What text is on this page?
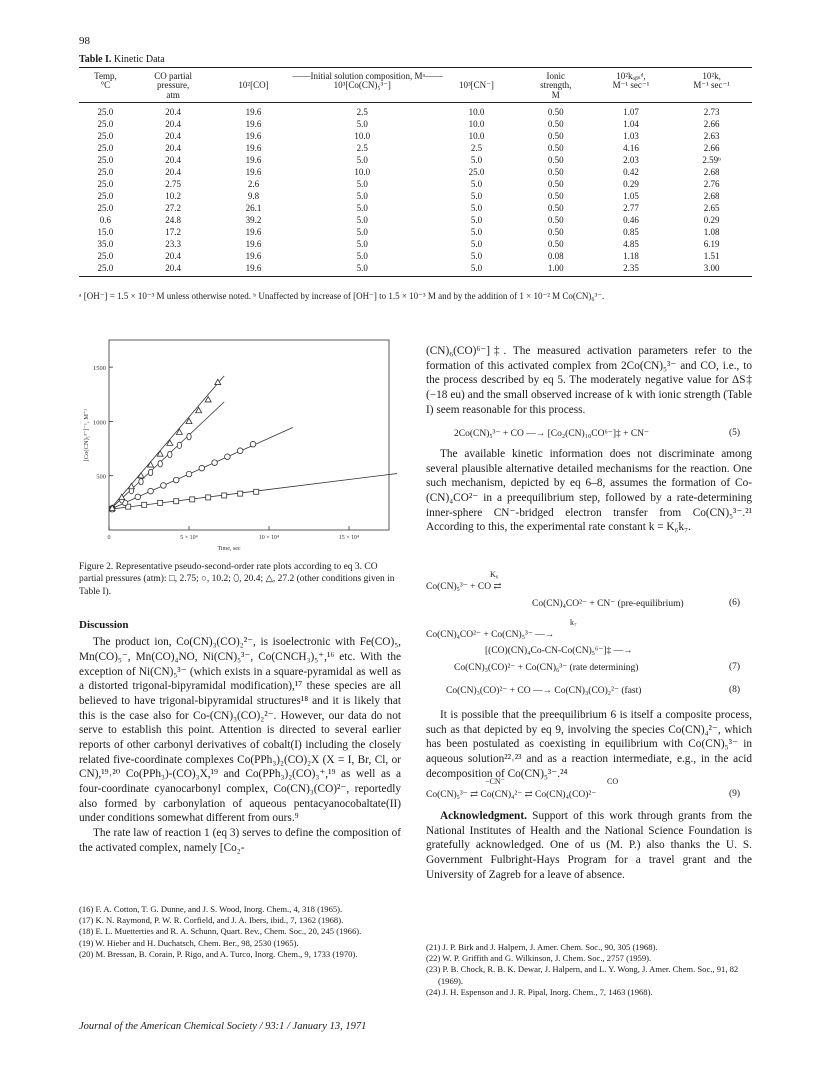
98
Table I. Kinetic Data
Temp,	CO partial	——Initial solution composition, Mᵃ——			Ionic	10²kₒᵦₛᵈ,	10²k,
°C	pressure,	10²[CO]	10³[Co(CN)₅³⁻]	10³[CN⁻]	strength,	M⁻¹ sec⁻¹	M⁻¹ sec⁻¹
	atm				M		
25.0	20.4	19.6	2.5	10.0	0.50	1.07	2.73
25.0	20.4	19.6	5.0	10.0	0.50	1.04	2.66
25.0	20.4	19.6	10.0	10.0	0.50	1.03	2.63
25.0	20.4	19.6	2.5	2.5	0.50	4.16	2.66
25.0	20.4	19.6	5.0	5.0	0.50	2.03	2.59ᵇ
25.0	20.4	19.6	10.0	25.0	0.50	0.42	2.68
25.0	2.75	2.6	5.0	5.0	0.50	0.29	2.76
25.0	10.2	9.8	5.0	5.0	0.50	1.05	2.68
25.0	27.2	26.1	5.0	5.0	0.50	2.77	2.65
0.6	24.8	39.2	5.0	5.0	0.50	0.46	0.29
15.0	17.2	19.6	5.0	5.0	0.50	0.85	1.08
35.0	23.3	19.6	5.0	5.0	0.50	4.85	6.19
25.0	20.4	19.6	5.0	5.0	0.08	1.18	1.51
25.0	20.4	19.6	5.0	5.0	1.00	2.35	3.00
ᵃ [OH⁻] = 1.5 × 10⁻³ M unless otherwise noted. ᵇ Unaffected by increase of [OH⁻] to 1.5 × 10⁻³ M and by the addition of 1 × 10⁻² M Co(CN)₆³⁻.
500
1000
1500
0	5 × 10⁴	10 × 10⁴	15 × 10⁴
[Co(CN)₅³⁻]⁻¹, M⁻¹
Time, sec
Figure 2. Representative pseudo-second-order rate plots according to eq 3. CO partial pressures (atm): □, 2.75; ○, 10.2; ⬯, 20.4; △, 27.2 (other conditions given in Table I).

Discussion

The product ion, Co(CN)₃(CO)₂²⁻, is isoelectronic with Fe(CO)₅, Mn(CO)₅⁻, Mn(CO)₄NO, Ni(CN)₅³⁻, Co(CNCH₃)₅⁺,¹⁶ etc. With the exception of Ni(CN)₅³⁻ (which exists in a square-pyramidal as well as a distorted trigonal-bipyramidal modification),¹⁷ these species are all believed to have trigonal-bipyramidal structures¹⁸ and it is likely that this is the case also for Co-(CN)₃(CO)₂²⁻. However, our data do not serve to establish this point. Attention is directed to several earlier reports of other carbonyl derivatives of cobalt(I) including the closely related five-coordinate complexes Co(PPh₃)₂(CO)₂X (X = I, Br, Cl, or CN),¹⁹˒²⁰ Co(PPh₃)-(CO)₃X,¹⁹ and Co(PPh₃)₂(CO)₃⁺,¹⁹ as well as a four-coordinate cyanocarbonyl complex, Co(CN)₃(CO)²⁻, reportedly also formed by carbonylation of aqueous pentacyanocobaltate(II) under conditions somewhat different from ours.⁹

The rate law of reaction 1 (eq 3) serves to define the composition of the activated complex, namely [Co₂-

(16) F. A. Cotton, T. G. Dunne, and J. S. Wood, Inorg. Chem., 4, 318 (1965).
(17) K. N. Raymond, P. W. R. Corfield, and J. A. Ibers, ibid., 7, 1362 (1968).
(18) E. L. Muetterties and R. A. Schunn, Quart. Rev., Chem. Soc., 20, 245 (1966).
(19) W. Hieber and H. Duchatsch, Chem. Ber., 98, 2530 (1965).
(20) M. Bressan, B. Corain, P. Rigo, and A. Turco, Inorg. Chem., 9, 1733 (1970).
(CN)₆(CO)⁶⁻]‡. The measured activation parameters refer to the formation of this activated complex from 2Co(CN)₅³⁻ and CO, i.e., to the process described by eq 5. The moderately negative value for ΔS‡ (−18 eu) and the small observed increase of k with ionic strength (Table I) seem reasonable for this process.
2Co(CN)₅³⁻ + CO —→ [Co₂(CN)₁₀CO⁶⁻]‡ + CN⁻	(5)

The available kinetic information does not discriminate among several plausible alternative detailed mechanisms for the reaction. One such mechanism, depicted by eq 6–8, assumes the formation of Co-(CN)₄CO²⁻ in a preequilibrium step, followed by a rate-determining inner-sphere CN⁻-bridged electron transfer from Co(CN)₅³⁻.²¹ According to this, the experimental rate constant k = K₆k₇.

K₆
Co(CN)₅³⁻ + CO ⇄
Co(CN)₄CO²⁻ + CN⁻ (pre-equilibrium)	(6)
k₇
Co(CN)₄CO²⁻ + Co(CN)₅³⁻ —→
[(CO)(CN)₄Co-CN-Co(CN)₅⁶⁻]‡ —→
Co(CN)₃(CO)²⁻ + Co(CN)₆³⁻ (rate determining)	(7)
Co(CN)₃(CO)²⁻ + CO —→ Co(CN)₃(CO)₂²⁻ (fast)	(8)

It is possible that the preequilibrium 6 is itself a composite process, such as that depicted by eq 9, involving the species Co(CN)₄²⁻, which has been postulated as coexisting in equilibrium with Co(CN)₅³⁻ in aqueous solution²²˒²³ and as a reaction intermediate, e.g., in the acid decomposition of Co(CN)₅³⁻.²⁴

−CN⁻	CO
Co(CN)₅³⁻ ⇄ Co(CN)₄²⁻ ⇄ Co(CN)₄(CO)²⁻	(9)

Acknowledgment. Support of this work through grants from the National Institutes of Health and the National Science Foundation is gratefully acknowledged. One of us (M. P.) also thanks the U. S. Government Fulbright-Hays Program for a travel grant and the University of Zagreb for a leave of absence.

(21) J. P. Birk and J. Halpern, J. Amer. Chem. Soc., 90, 305 (1968).
(22) W. P. Griffith and G. Wilkinson, J. Chem. Soc., 2757 (1959).
(23) P. B. Chock, R. B. K. Dewar, J. Halpern, and L. Y. Wong, J. Amer. Chem. Soc., 91, 82 (1969).
(24) J. H. Espenson and J. R. Pipal, Inorg. Chem., 7, 1463 (1968).
Journal of the American Chemical Society / 93:1 / January 13, 1971
